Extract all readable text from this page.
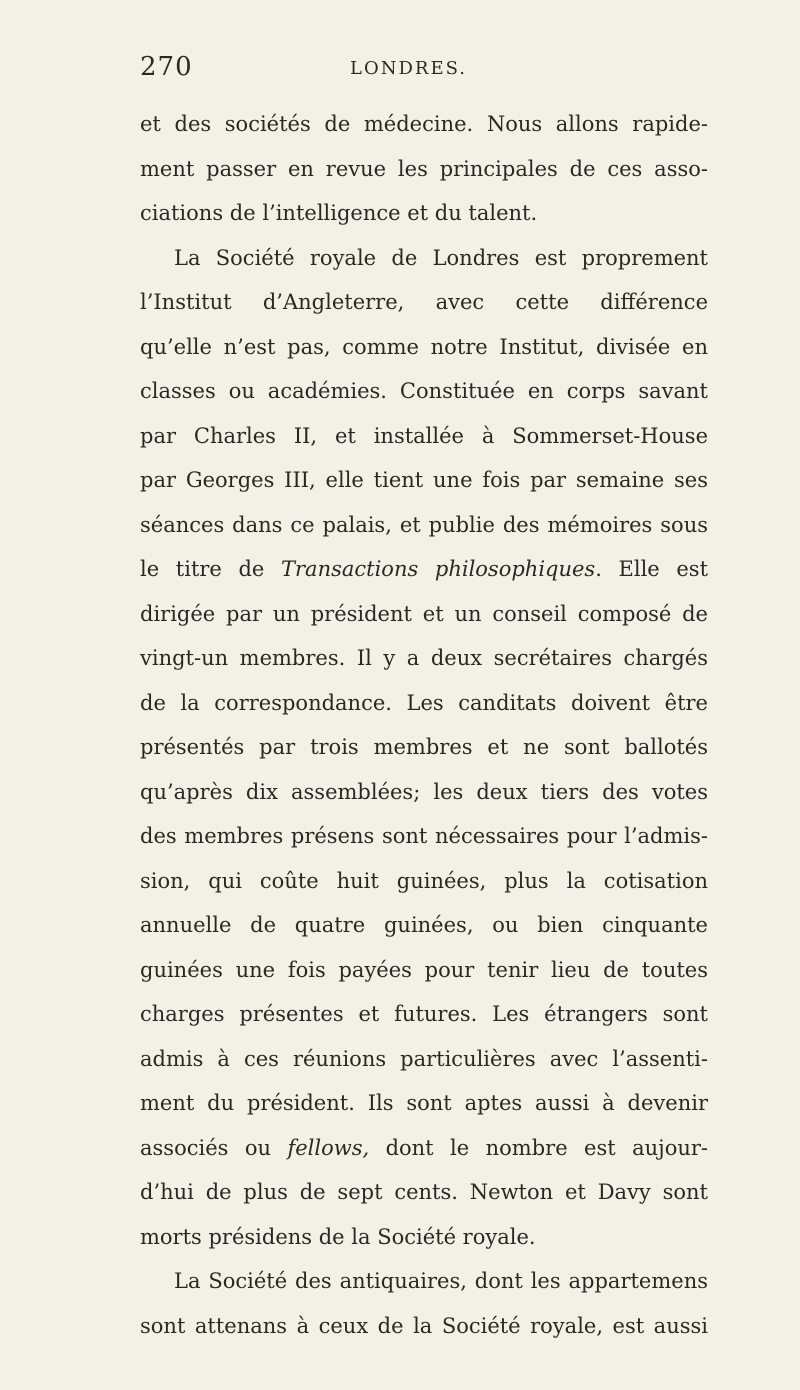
270	LONDRES.
et des sociétés de médecine. Nous allons rapide-
ment passer en revue les principales de ces asso-
ciations de l’intelligence et du talent.
La Société royale de Londres est proprement
l’Institut d’Angleterre, avec cette différence
qu’elle n’est pas, comme notre Institut, divisée en
classes ou académies. Constituée en corps savant
par Charles II, et installée à Sommerset-House
par Georges III, elle tient une fois par semaine ses
séances dans ce palais, et publie des mémoires sous
le titre de Transactions philosophiques. Elle est
dirigée par un président et un conseil composé de
vingt-un membres. Il y a deux secrétaires chargés
de la correspondance. Les canditats doivent être
présentés par trois membres et ne sont ballotés
qu’après dix assemblées; les deux tiers des votes
des membres présens sont nécessaires pour l’admis-
sion, qui coûte huit guinées, plus la cotisation
annuelle de quatre guinées, ou bien cinquante
guinées une fois payées pour tenir lieu de toutes
charges présentes et futures. Les étrangers sont
admis à ces réunions particulières avec l’assenti-
ment du président. Ils sont aptes aussi à devenir
associés ou fellows, dont le nombre est aujour-
d’hui de plus de sept cents. Newton et Davy sont
morts présidens de la Société royale.
La Société des antiquaires, dont les appartemens
sont attenans à ceux de la Société royale, est aussi
